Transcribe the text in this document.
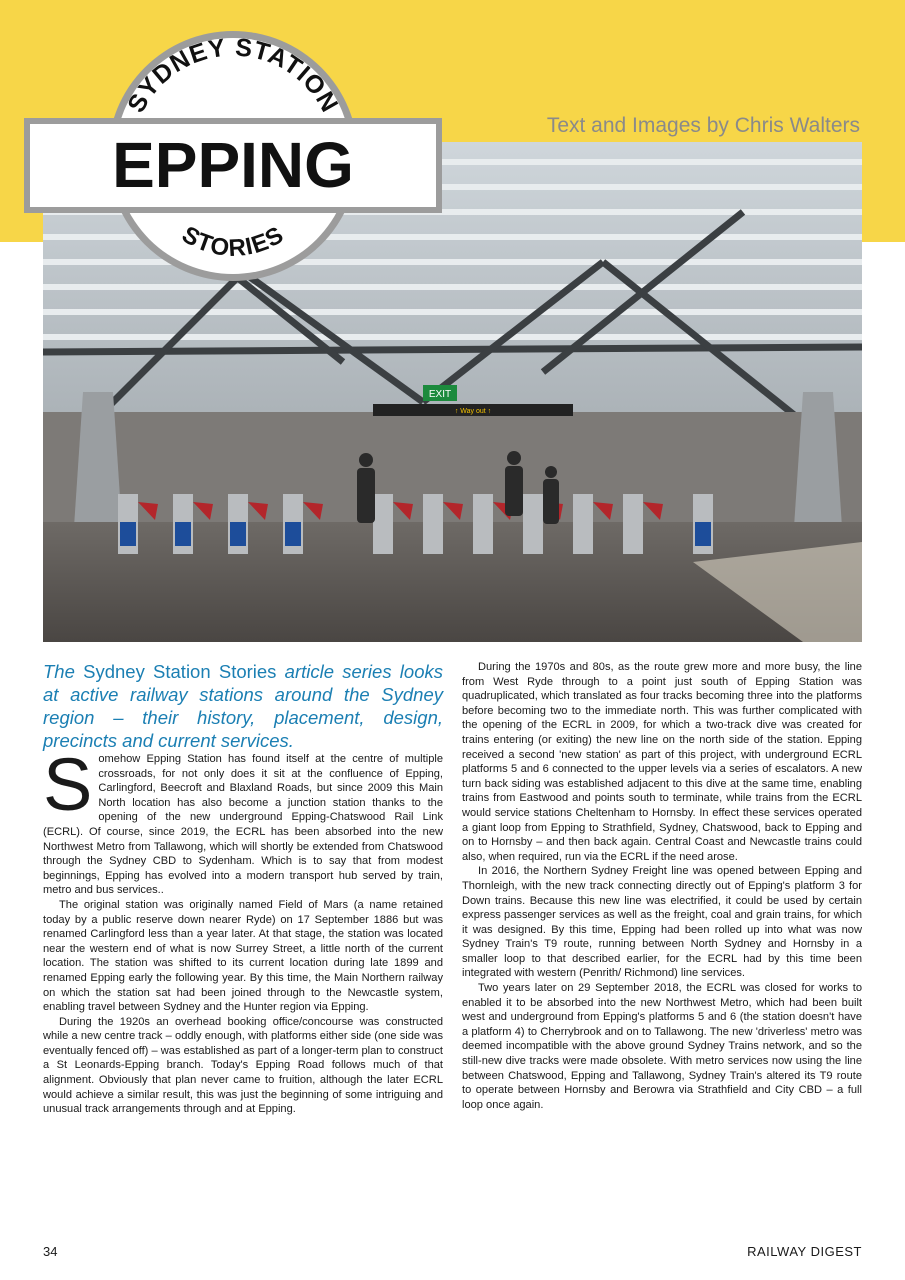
Text and Images by Chris Walters
EXIT
↑ Way out ↑
SYDNEY STATION
STORIES
EPPING

The Sydney Station Stories article series looks at active railway stations around the Sydney region – their history, placement, design, precincts and current services.

Somehow Epping Station has found itself at the centre of multiple crossroads, for not only does it sit at the confluence of Epping, Carlingford, Beecroft and Blaxland Roads, but since 2009 this Main North location has also become a junction station thanks to the opening of the new underground Epping-Chatswood Rail Link (ECRL). Of course, since 2019, the ECRL has been absorbed into the new Northwest Metro from Tallawong, which will shortly be extended from Chatswood through the Sydney CBD to Sydenham. Which is to say that from modest beginnings, Epping has evolved into a modern transport hub served by train, metro and bus services..

The original station was originally named Field of Mars (a name retained today by a public reserve down nearer Ryde) on 17 September 1886 but was renamed Carlingford less than a year later. At that stage, the station was located near the western end of what is now Surrey Street, a little north of the current location. The station was shifted to its current location during late 1899 and renamed Epping early the following year. By this time, the Main Northern railway on which the station sat had been joined through to the Newcastle system, enabling travel between Sydney and the Hunter region via Epping.

During the 1920s an overhead booking office/concourse was constructed while a new centre track – oddly enough, with platforms either side (one side was eventually fenced off) – was established as part of a longer-term plan to construct a St Leonards-Epping branch. Today's Epping Road follows much of that alignment. Obviously that plan never came to fruition, although the later ECRL would achieve a similar result, this was just the beginning of some intriguing and unusual track arrangements through and at Epping.

During the 1970s and 80s, as the route grew more and more busy, the line from West Ryde through to a point just south of Epping Station was quadruplicated, which translated as four tracks becoming three into the platforms before becoming two to the immediate north. This was further complicated with the opening of the ECRL in 2009, for which a two-track dive was created for trains entering (or exiting) the new line on the north side of the station. Epping received a second 'new station' as part of this project, with underground ECRL platforms 5 and 6 connected to the upper levels via a series of escalators. A new turn back siding was established adjacent to this dive at the same time, enabling trains from Eastwood and points south to terminate, while trains from the ECRL would service stations Cheltenham to Hornsby. In effect these services operated a giant loop from Epping to Strathfield, Sydney, Chatswood, back to Epping and on to Hornsby – and then back again. Central Coast and Newcastle trains could also, when required, run via the ECRL if the need arose.

In 2016, the Northern Sydney Freight line was opened between Epping and Thornleigh, with the new track connecting directly out of Epping's platform 3 for Down trains. Because this new line was electrified, it could be used by certain express passenger services as well as the freight, coal and grain trains, for which it was designed. By this time, Epping had been rolled up into what was now Sydney Train's T9 route, running between North Sydney and Hornsby in a smaller loop to that described earlier, for the ECRL had by this time been integrated with western (Penrith/ Richmond) line services.

Two years later on 29 September 2018, the ECRL was closed for works to enabled it to be absorbed into the new Northwest Metro, which had been built west and underground from Epping's platforms 5 and 6 (the station doesn't have a platform 4) to Cherrybrook and on to Tallawong. The new 'driverless' metro was deemed incompatible with the above ground Sydney Trains network, and so the still-new dive tracks were made obsolete. With metro services now using the line between Chatswood, Epping and Tallawong, Sydney Train's altered its T9 route to operate between Hornsby and Berowra via Strathfield and City CBD – a full loop once again.

34	RAILWAY DIGEST
